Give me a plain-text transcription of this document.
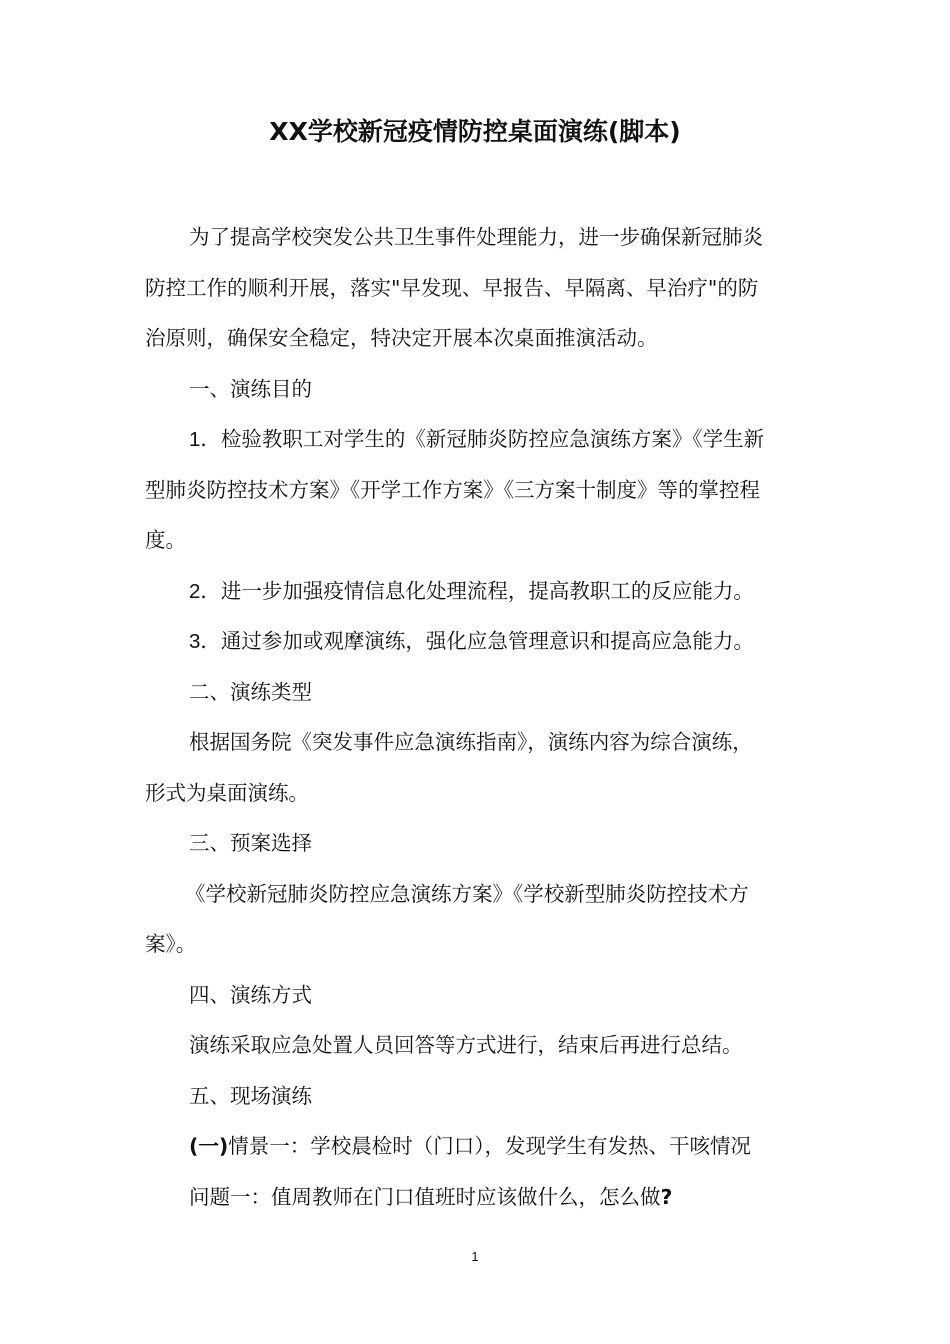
XX学校新冠疫情防控桌面演练(脚本)
为了提高学校突发公共卫生事件处理能力，进一步确保新冠肺炎
防控工作的顺利开展，落实"早发现、早报告、早隔离、早治疗"的防
治原则，确保安全稳定，特决定开展本次桌面推演活动。
一、演练目的
1．检验教职工对学生的《新冠肺炎防控应急演练方案》《学生新
型肺炎防控技术方案》《开学工作方案》《三方案十制度》等的掌控程
度。
2．进一步加强疫情信息化处理流程，提高教职工的反应能力。
3．通过参加或观摩演练，强化应急管理意识和提高应急能力。
二、演练类型
根据国务院《突发事件应急演练指南》，演练内容为综合演练，
形式为桌面演练。
三、预案选择
《学校新冠肺炎防控应急演练方案》《学校新型肺炎防控技术方
案》。
四、演练方式
演练采取应急处置人员回答等方式进行，结束后再进行总结。
五、现场演练
(一)情景一：学校晨检时（门口），发现学生有发热、干咳情况
问题一：值周教师在门口值班时应该做什么，怎么做?
1
